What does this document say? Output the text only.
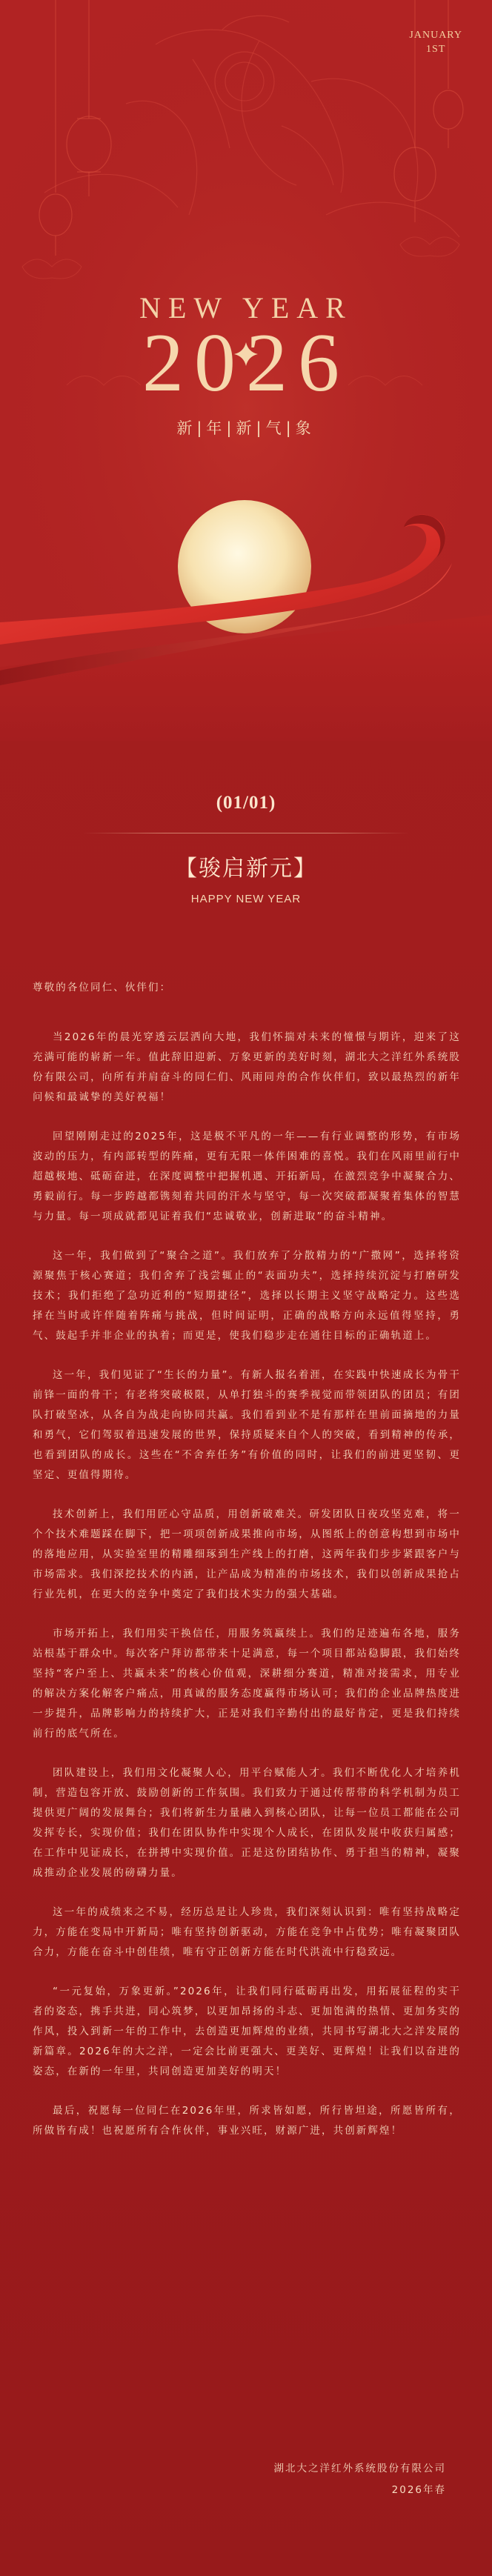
JANUARY
1ST
NEW YEAR
2026
新|年|新|气|象
(01/01)
【骏启新元】
HAPPY NEW YEAR

尊敬的各位同仁、伙伴们：

当2026年的晨光穿透云层洒向大地，我们怀揣对未来的憧憬与期许，迎来了这充满可能的崭新一年。值此辞旧迎新、万象更新的美好时刻，湖北大之洋红外系统股份有限公司，向所有并肩奋斗的同仁们、风雨同舟的合作伙伴们，致以最热烈的新年问候和最诚挚的美好祝福！

回望刚刚走过的2025年，这是极不平凡的一年——有行业调整的形势，有市场波动的压力，有内部转型的阵痛，更有无限一体伴困难的喜悦。我们在风雨里前行中超越极地、砥砺奋进，在深度调整中把握机遇、开拓新局，在激烈竞争中凝聚合力、勇毅前行。每一步跨越都镌刻着共同的汗水与坚守，每一次突破都凝聚着集体的智慧与力量。每一项成就都见证着我们“忠诚敬业，创新进取”的奋斗精神。

这一年，我们做到了“聚合之道”。我们放弃了分散精力的“广撒网”，选择将资源聚焦于核心赛道；我们舍弃了浅尝辄止的“表面功夫”，选择持续沉淀与打磨研发技术；我们拒绝了急功近利的“短期捷径”，选择以长期主义坚守战略定力。这些选择在当时或许伴随着阵痛与挑战，但时间证明，正确的战略方向永远值得坚持，勇气、鼓起手并非企业的执着；而更是，使我们稳步走在通往目标的正确轨道上。

这一年，我们见证了“生长的力量”。有新人报名着涯，在实践中快速成长为骨干前锋一面的骨干；有老将突破极限，从单打独斗的赛季视觉而带领团队的团员；有团队打破坚冰，从各自为战走向协同共赢。我们看到业不是有那样在里前面摘地的力量和勇气，它们驾驭着迅速发展的世界，保持质疑来自个人的突破，看到精神的传承，也看到团队的成长。这些在“不舍弃任务”有价值的同时，让我们的前进更坚韧、更坚定、更值得期待。

技术创新上，我们用匠心守品质，用创新破难关。研发团队日夜攻坚克难，将一个个技术难题踩在脚下，把一项项创新成果推向市场，从图纸上的创意构想到市场中的落地应用，从实验室里的精雕细琢到生产线上的打磨，这两年我们步步紧跟客户与市场需求。我们深挖技术的内涵，让产品成为精准的市场技术，我们以创新成果抢占行业先机，在更大的竞争中奠定了我们技术实力的强大基础。

市场开拓上，我们用实干换信任，用服务筑赢续上。我们的足迹遍布各地，服务站根基于群众中。每次客户拜访都带来十足满意，每一个项目都站稳脚跟，我们始终坚持“客户至上、共赢未来”的核心价值观，深耕细分赛道，精准对接需求，用专业的解决方案化解客户痛点，用真诚的服务态度赢得市场认可；我们的企业品牌热度进一步提升，品牌影响力的持续扩大，正是对我们辛勤付出的最好肯定，更是我们持续前行的底气所在。

团队建设上，我们用文化凝聚人心，用平台赋能人才。我们不断优化人才培养机制，营造包容开放、鼓励创新的工作氛围。我们致力于通过传帮带的科学机制为员工提供更广阔的发展舞台；我们将新生力量融入到核心团队，让每一位员工都能在公司发挥专长，实现价值；我们在团队协作中实现个人成长，在团队发展中收获归属感；在工作中见证成长，在拼搏中实现价值。正是这份团结协作、勇于担当的精神，凝聚成推动企业发展的磅礴力量。

这一年的成绩来之不易，经历总是让人珍贵，我们深刻认识到：唯有坚持战略定力，方能在变局中开新局；唯有坚持创新驱动，方能在竞争中占优势；唯有凝聚团队合力，方能在奋斗中创佳绩，唯有守正创新方能在时代洪流中行稳致远。

“一元复始，万象更新。”2026年，让我们同行砥砺再出发，用拓展征程的实干者的姿态，携手共进，同心筑梦，以更加昂扬的斗志、更加饱满的热情、更加务实的作风，投入到新一年的工作中，去创造更加辉煌的业绩，共同书写湖北大之洋发展的新篇章。2026年的大之洋，一定会比前更强大、更美好、更辉煌！让我们以奋进的姿态，在新的一年里，共同创造更加美好的明天！

最后，祝愿每一位同仁在2026年里，所求皆如愿，所行皆坦途，所愿皆所有，所做皆有成！也祝愿所有合作伙伴，事业兴旺，财源广进，共创新辉煌！

湖北大之洋红外系统股份有限公司
2026年春
